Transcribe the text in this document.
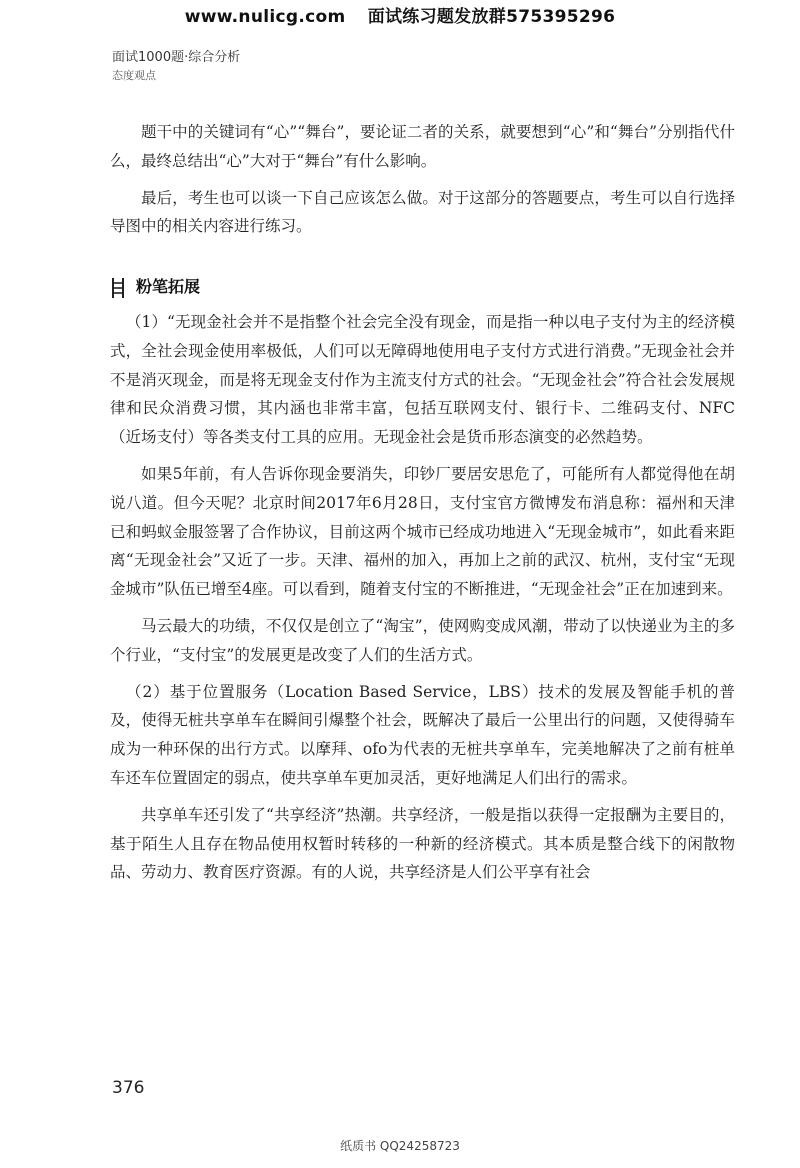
www.nulicg.com 面试练习题发放群575395296
面试1000题·综合分析
态度观点

题干中的关键词有“心”“舞台”，要论证二者的关系，就要想到“心”和“舞台”分别指代什么，最终总结出“心”大对于“舞台”有什么影响。

最后，考生也可以谈一下自己应该怎么做。对于这部分的答题要点，考生可以自行选择导图中的相关内容进行练习。

粉笔拓展

（1）“无现金社会并不是指整个社会完全没有现金，而是指一种以电子支付为主的经济模式，全社会现金使用率极低，人们可以无障碍地使用电子支付方式进行消费。”无现金社会并不是消灭现金，而是将无现金支付作为主流支付方式的社会。“无现金社会”符合社会发展规律和民众消费习惯，其内涵也非常丰富，包括互联网支付、银行卡、二维码支付、NFC（近场支付）等各类支付工具的应用。无现金社会是货币形态演变的必然趋势。

如果5年前，有人告诉你现金要消失，印钞厂要居安思危了，可能所有人都觉得他在胡说八道。但今天呢？北京时间2017年6月28日，支付宝官方微博发布消息称：福州和天津已和蚂蚁金服签署了合作协议，目前这两个城市已经成功地进入“无现金城市”，如此看来距离“无现金社会”又近了一步。天津、福州的加入，再加上之前的武汉、杭州，支付宝“无现金城市”队伍已增至4座。可以看到，随着支付宝的不断推进，“无现金社会”正在加速到来。

马云最大的功绩，不仅仅是创立了“淘宝”，使网购变成风潮，带动了以快递业为主的多个行业，“支付宝”的发展更是改变了人们的生活方式。

（2）基于位置服务（Location Based Service，LBS）技术的发展及智能手机的普及，使得无桩共享单车在瞬间引爆整个社会，既解决了最后一公里出行的问题，又使得骑车成为一种环保的出行方式。以摩拜、ofo为代表的无桩共享单车，完美地解决了之前有桩单车还车位置固定的弱点，使共享单车更加灵活，更好地满足人们出行的需求。

共享单车还引发了“共享经济”热潮。共享经济，一般是指以获得一定报酬为主要目的，基于陌生人且存在物品使用权暂时转移的一种新的经济模式。其本质是整合线下的闲散物品、劳动力、教育医疗资源。有的人说，共享经济是人们公平享有社会

376
纸质书 QQ24258723
